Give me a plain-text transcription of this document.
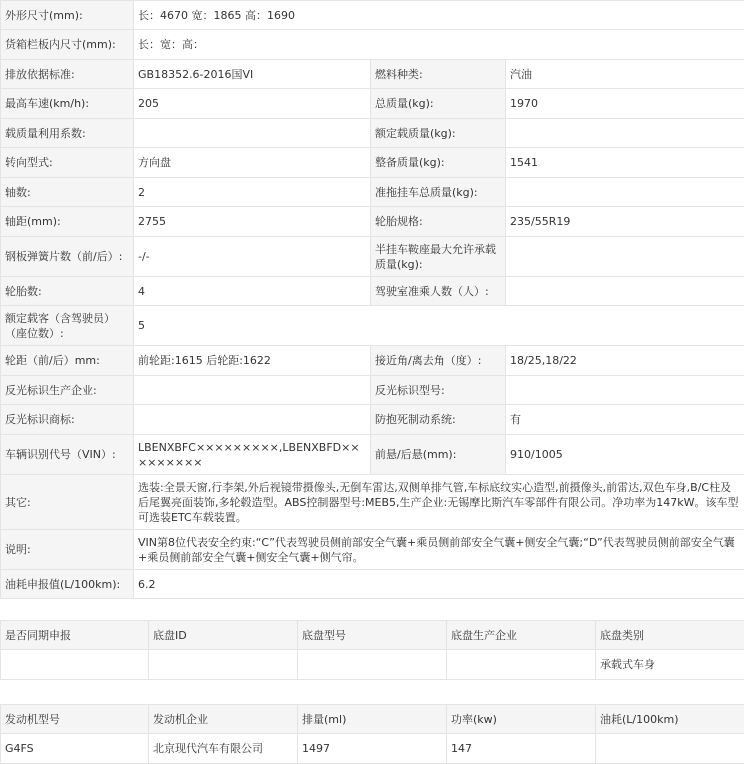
外形尺寸(mm):	长：4670 宽：1865 高：1690		
货箱栏板内尺寸(mm):	长：宽：高：		
排放依据标准:	GB18352.6-2016国VI	燃料种类:	汽油
最高车速(km/h):	205	总质量(kg):	1970
载质量利用系数:		额定载质量(kg):	
转向型式:	方向盘	整备质量(kg):	1541
轴数:	2	准拖挂车总质量(kg):	
轴距(mm):	2755	轮胎规格:	235/55R19
钢板弹簧片数（前/后）:	-/-	半挂车鞍座最大允许承载质量(kg):	
轮胎数:	4	驾驶室准乘人数（人）:	
额定载客（含驾驶员）（座位数）:	5		
轮距（前/后）mm:	前轮距:1615 后轮距:1622	接近角/离去角（度）:	18/25,18/22
反光标识生产企业:		反光标识型号:	
反光标识商标:		防抱死制动系统:	有
车辆识别代号（VIN）:	LBENXBFC×××××××××,LBENXBFD×××××××××	前悬/后悬(mm):	910/1005
其它:	选装:全景天窗,行李架,外后视镜带摄像头,无倒车雷达,双侧单排气管,车标底纹实心造型,前摄像头,前雷达,双色车身,B/C柱及后尾翼亮面装饰,多轮毂造型。ABS控制器型号:MEB5,生产企业:无锡摩比斯汽车零部件有限公司。净功率为147kW。该车型可选装ETC车载装置。		
说明:	VIN第8位代表安全约束:“C”代表驾驶员侧前部安全气囊+乘员侧前部安全气囊+侧安全气囊;“D”代表驾驶员侧前部安全气囊+乘员侧前部安全气囊+侧安全气囊+侧气帘。		
油耗申报值(L/100km):	6.2		
是否同期申报	底盘ID	底盘型号	底盘生产企业	底盘类别
				承载式车身
发动机型号	发动机企业	排量(ml)	功率(kw)	油耗(L/100km)
G4FS	北京现代汽车有限公司	1497	147	
